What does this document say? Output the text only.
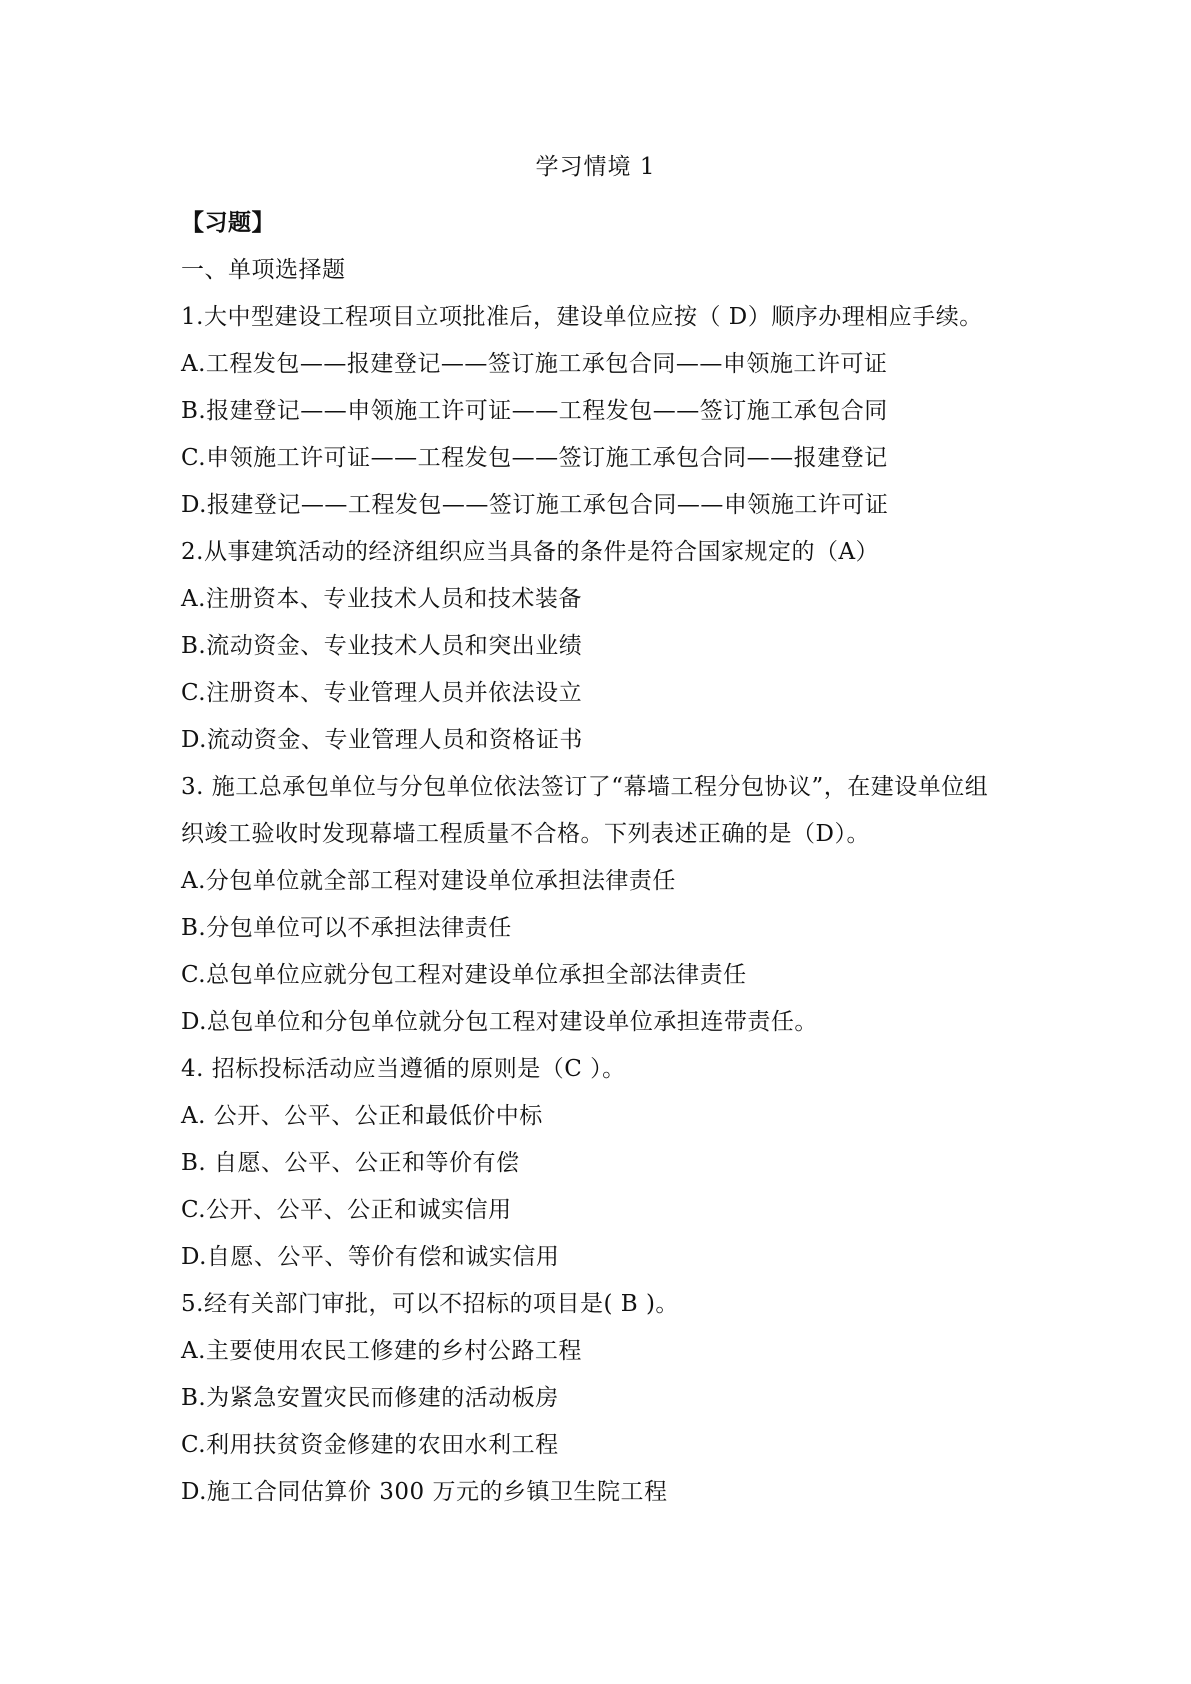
学习情境 1
【习题】
一、单项选择题
1.大中型建设工程项目立项批准后，建设单位应按（ D）顺序办理相应手续。
A.工程发包——报建登记——签订施工承包合同——申领施工许可证
B.报建登记——申领施工许可证——工程发包——签订施工承包合同
C.申领施工许可证——工程发包——签订施工承包合同——报建登记
D.报建登记——工程发包——签订施工承包合同——申领施工许可证
2.从事建筑活动的经济组织应当具备的条件是符合国家规定的（A）
A.注册资本、专业技术人员和技术装备
B.流动资金、专业技术人员和突出业绩
C.注册资本、专业管理人员并依法设立
D.流动资金、专业管理人员和资格证书
3. 施工总承包单位与分包单位依法签订了“幕墙工程分包协议”，在建设单位组
织竣工验收时发现幕墙工程质量不合格。下列表述正确的是（D）。
A.分包单位就全部工程对建设单位承担法律责任
B.分包单位可以不承担法律责任
C.总包单位应就分包工程对建设单位承担全部法律责任
D.总包单位和分包单位就分包工程对建设单位承担连带责任。
4. 招标投标活动应当遵循的原则是（C ）。
A. 公开、公平、公正和最低价中标
B. 自愿、公平、公正和等价有偿
C.公开、公平、公正和诚实信用
D.自愿、公平、等价有偿和诚实信用
5.经有关部门审批，可以不招标的项目是( B )。
A.主要使用农民工修建的乡村公路工程
B.为紧急安置灾民而修建的活动板房
C.利用扶贫资金修建的农田水利工程
D.施工合同估算价 300 万元的乡镇卫生院工程
